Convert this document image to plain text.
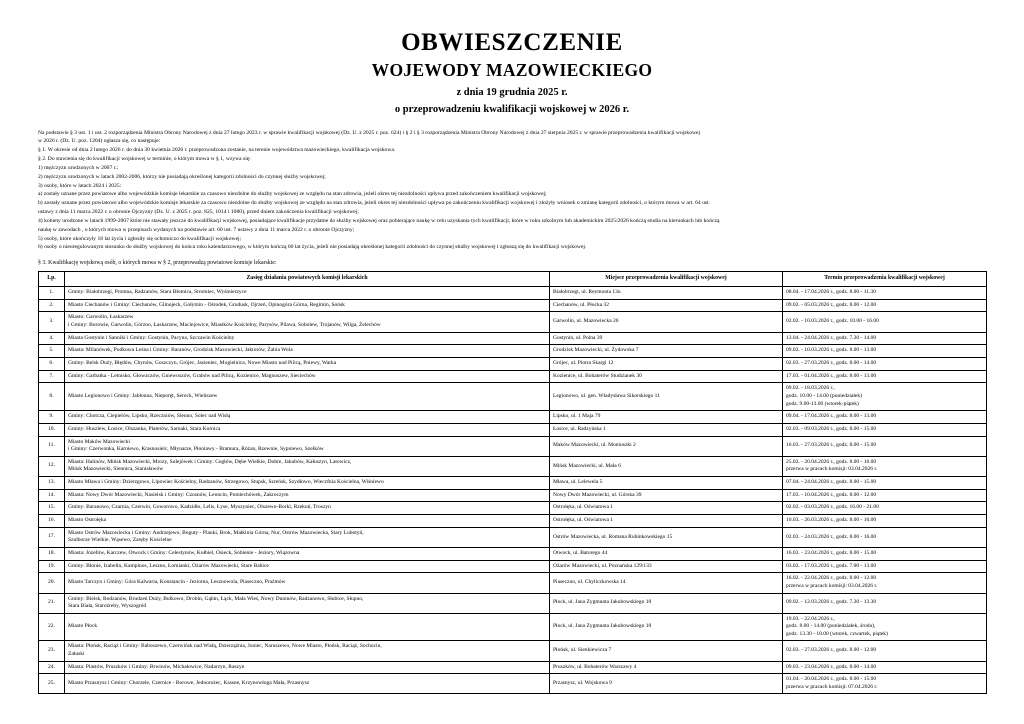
OBWIESZCZENIE
WOJEWODY MAZOWIECKIEGO
z dnia 19 grudnia 2025 r.
o przeprowadzeniu kwalifikacji wojskowej w 2026 r.

Na podstawie § 3 ust. 1 i ust. 2 rozporządzenia Ministra Obrony Narodowej z dnia 27 lutego 2023 r. w sprawie kwalifikacji wojskowej (Dz. U. z 2025 r. poz. 624) i § 2 i § 3 rozporządzenia Ministra Obrony Narodowej z dnia 27 sierpnia 2025 r. w sprawie przeprowadzenia kwalifikacji wojskowej

w 2026 r. (Dz. U. poz. 1204) ogłasza się, co następuje:

§ 1. W okresie od dnia 2 lutego 2026 r. do dnia 30 kwietnia 2026 r. przeprowadzona zostanie, na terenie województwa mazowieckiego, kwalifikacja wojskowa.

§ 2. Do stawienia się do kwalifikacji wojskowej w terminie, o którym mowa w § 1, wzywa się:

1) mężczyzn urodzonych w 2007 r.;

2) mężczyzn urodzonych w latach 2002-2006, którzy nie posiadają określonej kategorii zdolności do czynnej służby wojskowej;

3) osoby, które w latach 2024 i 2025:

a) zostały uznane przez powiatowe albo wojewódzkie komisje lekarskie za czasowo niezdolne do służby wojskowej ze względu na stan zdrowia, jeżeli okres tej niezdolności upływa przed zakończeniem kwalifikacji wojskowej;

b) zostały uznane przez powiatowe albo wojewódzkie komisje lekarskie za czasowo niezdolne do służby wojskowej ze względu na stan zdrowia, jeżeli okres tej niezdolności upływa po zakończeniu kwalifikacji wojskowej i złożyły wniosek o zmianę kategorii zdolności, o którym mowa w art. 64 ust.

ustawy z dnia 11 marca 2022 r. o obronie Ojczyzny (Dz. U. z 2025 r. poz. 825, 1014 i 1080), przed dniem zakończenia kwalifikacji wojskowej;

4) kobiety urodzone w latach 1999-2007 które nie stawały jeszcze do kwalifikacji wojskowej, posiadające kwalifikacje przydatne do służby wojskowej oraz pobierające naukę w celu uzyskania tych kwalifikacji, które w roku szkolnym lub akademickim 2025/2026 kończą studia na kierunkach lub kończą

naukę w zawodach , o których mowa w przepisach wydanych na podstawie art. 60 ust. 7 ustawy z dnia 11 marca 2022 r. o obronie Ojczyzny;

5) osoby, które ukończyły 18 lat życia i zgłosiły się ochotniczo do kwalifikacji wojskowej;

6) osoby o nieuregulowanym stosunku do służby wojskowej do końca roku kalendarzowego, w którym kończą 60 lat życia, jeżeli nie posiadają określonej kategorii zdolności do czynnej służby wojskowej i zgłoszą się do kwalifikacji wojskowej.

§ 3. Kwalifikację wojskową osób, o których mowa w § 2, przeprowadzą powiatowe komisje lekarskie:
Lp.	Zasięg działania powiatowych komisji lekarskich	Miejsce przeprowadzenia kwalifikacji wojskowej	Termin przeprowadzenia kwalifikacji wojskowej
1.	Gminy: Białobrzegi, Promna, Radzanów, Stara Błotnica, Stromiec, Wyśmierzyce	Białobrzegi, ul. Reymonta 13u	08.04. - 17.04.2026 r., godz. 8.00 - 11.30

2.	Miasto Ciechanów i Gminy: Ciechanów, Glinojeck, Gołymin - Ośrodek, Grudusk, Ojrzeń, Opinogóra Górna, Regimin, Sońsk	Ciechanów, ul. Płocka 32	09.02. - 05.03.2026 r., godz. 8.00 - 12.00

3.	Miasto: Garwolin, Łaskarzew
i Gminy: Borowie, Garwolin, Górzno, Łaskarzew, Maciejowice, Miastków Kościelny, Parysów, Pilawa, Sobolew, Trojanów, Wilga, Żelechów	Garwolin, ul. Mazowiecka 26	02.02. - 10.03.2026 r., godz. 10.00 - 16.00

4.	Miasta Gostynin i Sanniki i Gminy: Gostynin, Pacyna, Szczawin Kościelny	Gostynin, ul. Polna 39	13.04. - 24.04.2026 r., godz. 7.30 - 14.00

5.	Miasta: Milanówek, Podkowa Leśna i Gminy: Baranów, Grodzisk Mazowiecki, Jaktorów, Żabia Wola	Grodzisk Mazowiecki, ul. Żydowska 7	09.02. - 10.03.2026 r., godz. 8.00 - 13.00

6.	Gminy: Belsk Duży, Błędów, Chynów, Goszczyn, Grójec, Jasieniec, Mogielnica, Nowe Miasto nad Pilicą, Pniewy, Warka	Grójec, ul. Piotra Skargi 12	02.03. - 27.03.2026 r., godz. 8.00 - 14.00

7.	Gminy: Garbatka - Letnisko, Głowaczów, Gniewoszów, Grabów nad Pilicą, Kozienice, Magnuszew, Sieciechów	Kozienice, ul. Bohaterów Studzianek 30	17.03. - 01.04.2026 r., godz. 8.00 - 13.00

8.	Miasto Legionowo i Gminy: Jabłonna, Nieporęt, Serock, Wieliszew	Legionowo, ul. gen. Władysława Sikorskiego 11	09.02. - 18.03.2026 r.,
godz. 10.00 - 14.00 (poniedziałek)
godz. 9.00-13.00 (wtorek-piątek)

9.	Gminy: Chotcza, Ciepielów, Lipsko, Rzeczniów, Sienno, Solec nad Wisłą	Lipsko, ul. 1 Maja 79	09.04. - 17.04.2026 r., godz. 8.00 - 13.00

10.	Gminy: Huszlew, Łosice, Olszanka, Platerów, Sarnaki, Stara Kornica	Łosice, ul. Radzyńska 1	02.03. - 09.03.2026 r., godz. 8.00 - 15.00

11.	Miasto Maków Mazowiecki
i Gminy: Czerwonka, Karniewo, Krasnosielc, Młynarze, Płoniawy - Bramura, Różan, Rzewnie, Sypniewo, Szelków	Maków Mazowiecki, ul. Moniuszki 2	16.03. - 27.03.2026 r., godz. 8.00 - 15.00

12.	Miasta: Halinów, Mińsk Mazowiecki, Mrozy, Sulejówek i Gminy: Cegłów, Dębe Wielkie, Dobre, Jakubów, Kałuszyn, Latowicz,
Mińsk Mazowiecki, Siennica, Stanisławów	Mińsk Mazowiecki, ul. Mała 6	25.02. - 20.04.2026 r., godz. 8.00 - 16.00
przerwa w pracach komisji: 03.04.2026 r.

13.	Miasto Mława i Gminy: Dzierzgowo, Lipowiec Kościelny, Radzanów, Strzegowo, Stupsk, Szreńsk, Szydłowo, Wieczfnia Kościelna, Wiśniewo	Mława, ul. Lelewela 5	07.04. - 24.04.2026 r., godz. 8.00 - 15.00

14.	Miasta: Nowy Dwór Mazowiecki, Nasielsk i Gminy: Czosnów, Leoncin, Pomiechówek, Zakroczym	Nowy Dwór Mazowiecki, ul. Górska 39	17.03. - 10.04.2026 r., godz. 8.00 - 12.00

15.	Gminy: Baranowo, Czarnia, Czerwin, Goworowo, Kadzidło, Lelis, Łyse, Myszyniec, Olszewo-Borki, Rzekuń, Troszyn	Ostrołęka, ul. Oświatowa 1	02.02. - 03.03.2026 r., godz. 16.00 - 21.00

16.	Miasto Ostrołęka	Ostrołęka, ul. Oświatowa 1	10.03. - 26.03.2026 r., godz. 8.00 - 16.00

17.	Miasto Ostrów Mazowiecka i Gminy: Andrzejewo, Boguty - Pianki, Brok, Małkinia Górna, Nur, Ostrów Mazowiecka, Stary Lubotyń,
Szulborze Wielkie, Wąsewo, Zaręby Kościelne	Ostrów Mazowiecka, ul. Romana Rubinkowskiego 15	02.03. - 24.03.2026 r., godz. 8.00 - 16.00

18.	Miasta: Józefów, Karczew, Otwock i Gminy: Celestynów, Kołbiel, Osieck, Sobienie - Jeziory, Wiązowna	Otwock, ul. Batorego 44	16.03. - 23.04.2026 r., godz. 8.00 - 15.00

19.	Gminy: Błonie, Izabelin, Kampinos, Leszno, Łomianki, Ożarów Mazowiecki, Stare Babice	Ożarów Mazowiecki, ul. Poznańska 129/133	03.02. - 17.03.2026 r., godz. 7.00 - 13.00

20.	Miasto Tarczyn i Gminy: Góra Kalwaria, Konstancin - Jeziorna, Lesznowola, Piaseczno, Prażmów	Piaseczno, ul. Chyliczkowska 14	16.02. - 22.04.2026 r., godz. 8.00 - 12.00
przerwa w pracach komisji: 03.04.2026 r.

21.	Gminy: Bielsk, Bodzanów, Brudzeń Duży, Bulkowo, Drobin, Gąbin, Łąck, Mała Wieś, Nowy Duninów, Radzanowo, Słubice, Słupno,
Stara Biała, Staroźreby, Wyszogród	Płock, ul. Jana Zygmunta Jakubowskiego 10	09.02. - 12.03.2026 r., godz. 7.30 - 13.30

22.	Miasto Płock	Płock, ul. Jana Zygmunta Jakubowskiego 10	19.03. - 22.04.2026 r.,
godz. 8.00 - 14.00 (poniedziałek, środa),
godz. 13.30 - 18.00 (wtorek, czwartek, piątek)

23.	Miasta: Płońsk, Raciąż i Gminy: Baboszewo, Czerwińsk nad Wisłą, Dzierzążnia, Joniec, Naruszewo, Nowe Miasto, Płońsk, Raciąż, Sochocin,
Załuski	Płońsk, ul. Sienkiewicza 7	02.03. - 27.03.2026 r., godz. 8.00 - 12.00

24.	Miasta: Piastów, Pruszków i Gminy: Brwinów, Michałowice, Nadarzyn, Raszyn	Pruszków, ul. Bohaterów Warszawy 4	09.03. - 23.04.2026 r., godz. 8.00 - 14.00

25.	Miasto Przasnysz i Gminy: Chorzele, Czernice - Borowe, Jednorożec, Krasne, Krzynowłoga Mała, Przasnysz	Przasnysz, ul. Wojskowa 9	01.04. - 20.04.2026 r., godz. 8.00 - 15.00
przerwa w pracach komisji: 07.04.2026 r.
